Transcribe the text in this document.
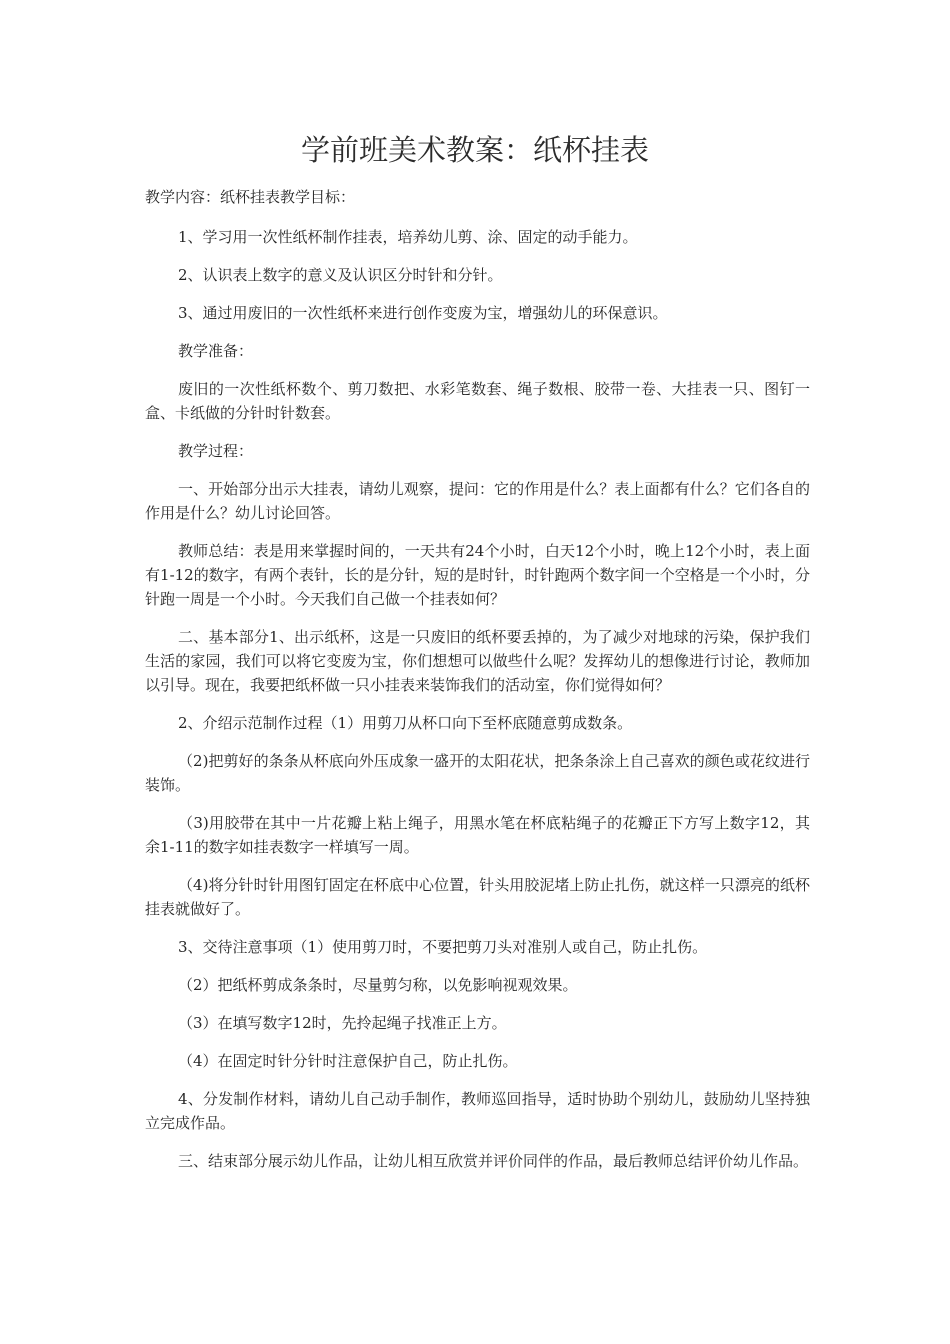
学前班美术教案：纸杯挂表
教学内容：纸杯挂表教学目标：

1、学习用一次性纸杯制作挂表，培养幼儿剪、涂、固定的动手能力。

2、认识表上数字的意义及认识区分时针和分针。

3、通过用废旧的一次性纸杯来进行创作变废为宝，增强幼儿的环保意识。

教学准备：

废旧的一次性纸杯数个、剪刀数把、水彩笔数套、绳子数根、胶带一卷、大挂表一只、图钉一盒、卡纸做的分针时针数套。

教学过程：

一、开始部分出示大挂表，请幼儿观察，提问：它的作用是什么？表上面都有什么？它们各自的作用是什么？幼儿讨论回答。

教师总结：表是用来掌握时间的，一天共有24个小时，白天12个小时，晚上12个小时，表上面有1-12的数字，有两个表针，长的是分针，短的是时针，时针跑两个数字间一个空格是一个小时，分针跑一周是一个小时。今天我们自己做一个挂表如何？

二、基本部分1、出示纸杯，这是一只废旧的纸杯要丢掉的，为了减少对地球的污染，保护我们生活的家园，我们可以将它变废为宝，你们想想可以做些什么呢？发挥幼儿的想像进行讨论，教师加以引导。现在，我要把纸杯做一只小挂表来装饰我们的活动室，你们觉得如何？

2、介绍示范制作过程（1）用剪刀从杯口向下至杯底随意剪成数条。

（2)把剪好的条条从杯底向外压成象一盛开的太阳花状，把条条涂上自己喜欢的颜色或花纹进行装饰。

（3)用胶带在其中一片花瓣上粘上绳子，用黑水笔在杯底粘绳子的花瓣正下方写上数字12，其余1-11的数字如挂表数字一样填写一周。

（4)将分针时针用图钉固定在杯底中心位置，针头用胶泥堵上防止扎伤，就这样一只漂亮的纸杯挂表就做好了。

3、交待注意事项（1）使用剪刀时，不要把剪刀头对准别人或自己，防止扎伤。

（2）把纸杯剪成条条时，尽量剪匀称，以免影响视观效果。

（3）在填写数字12时，先拎起绳子找准正上方。

（4）在固定时针分针时注意保护自己，防止扎伤。

4、分发制作材料，请幼儿自己动手制作，教师巡回指导，适时协助个别幼儿，鼓励幼儿坚持独立完成作品。

三、结束部分展示幼儿作品，让幼儿相互欣赏并评价同伴的作品，最后教师总结评价幼儿作品。
